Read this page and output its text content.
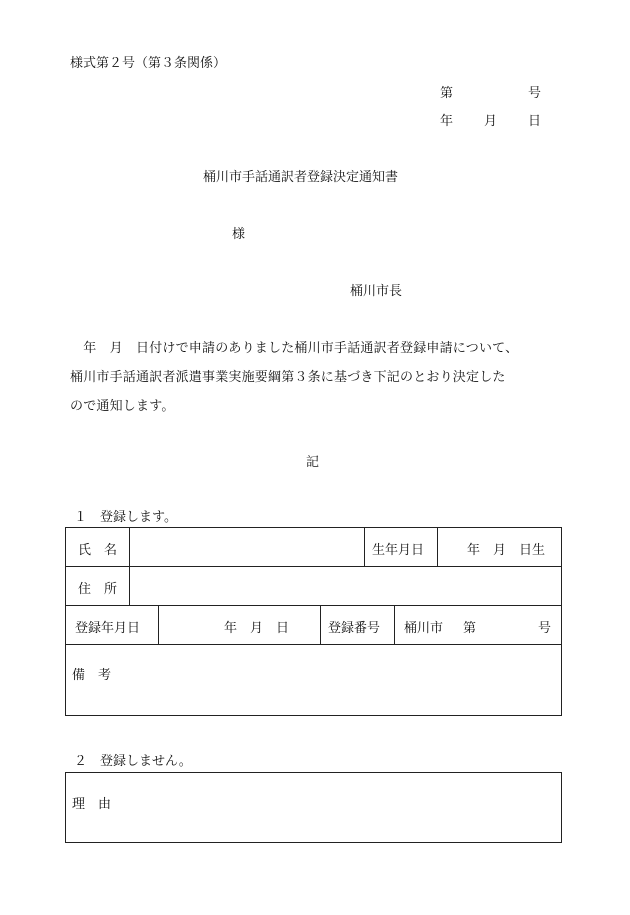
様式第２号（第３条関係）
第	号
年 月 日
桶川市手話通訳者登録決定通知書
様
桶川市長
　年　月　日付けで申請のありました桶川市手話通訳者登録申請について、
桶川市手話通訳者派遣事業実施要綱第３条に基づき下記のとおり決定した
ので通知します。
記
１　登録します。
氏　名	生年月日	年　月　日生
住　所
登録年月日	年　月　日	登録番号 桶川市 第	号
備　考
２　登録しません。
理　由
